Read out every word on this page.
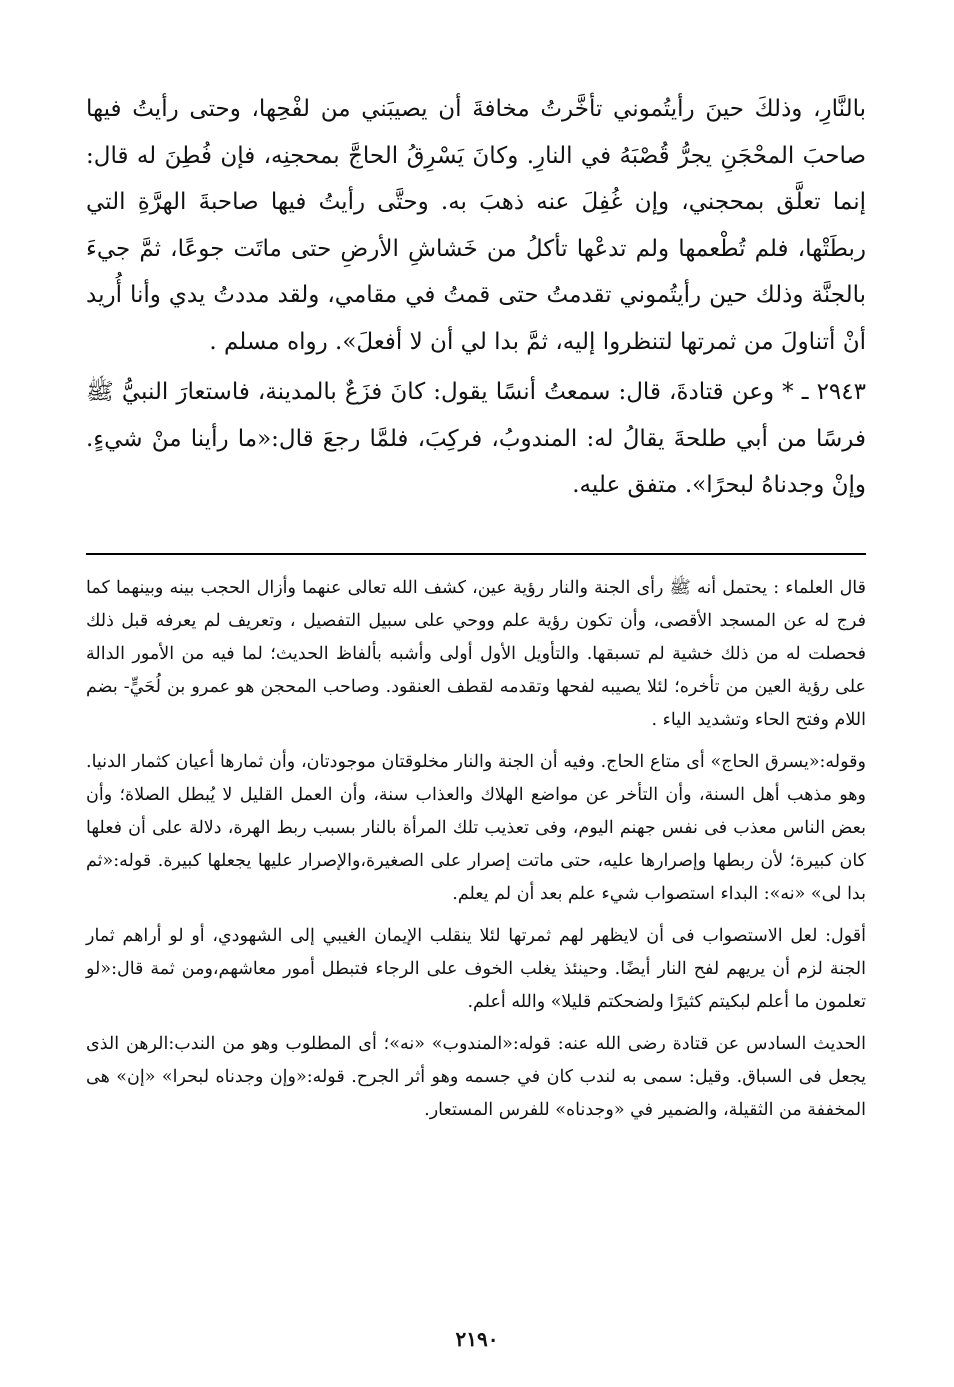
بالنَّارِ، وذلكَ حينَ رأيتُموني تأخَّرتُ مخافةَ أن يصيبَني من لفْحِها، وحتى رأيتُ فيها صاحبَ المحْجَنِ يجرُّ قُصْبَهُ في النارِ. وكانَ يَسْرِقُ الحاجَّ بمحجنِه، فإن فُطِنَ له قال: إنما تعلَّق بمحجني، وإن غُفِلَ عنه ذهبَ به. وحتَّى رأيتُ فيها صاحبةَ الهرَّةِ التي ربطَتْها، فلم تُطْعمها ولم تدعْها تأكلُ من خَشاشِ الأرضِ حتى ماتَت جوعًا، ثمَّ جيءَ بالجنَّة وذلك حين رأيتُموني تقدمتُ حتى قمتُ في مقامي، ولقد مددتُ يدي وأنا أُريد أنْ أتناولَ من ثمرتها لتنظروا إليه، ثمَّ بدا لي أن لا أفعلَ». رواه مسلم .

٢٩٤٣ ـ * وعن قتادةَ، قال: سمعتُ أنسًا يقول: كانَ فزَعٌ بالمدينة، فاستعارَ النبيُّ ﷺ فرسًا من أبي طلحةَ يقالُ له: المندوبُ، فركِبَ، فلمَّا رجعَ قال:«ما رأينا منْ شيءٍ. وإنْ وجدناهُ لبحرًا». متفق عليه.

قال العلماء : يحتمل أنه ﷺ رأى الجنة والنار رؤية عين، كشف الله تعالى عنهما وأزال الحجب بينه وبينهما كما فرج له عن المسجد الأقصى، وأن تكون رؤية علم ووحي على سبيل التفصيل ، وتعريف لم يعرفه قبل ذلك فحصلت له من ذلك خشية لم تسبقها. والتأويل الأول أولى وأشبه بألفاظ الحديث؛ لما فيه من الأمور الدالة على رؤية العين من تأخره؛ لئلا يصيبه لفحها وتقدمه لقطف العنقود. وصاحب المحجن هو عمرو بن لُحَيٍّ- بضم اللام وفتح الحاء وتشديد الياء .

وقوله:«يسرق الحاج» أى متاع الحاج. وفيه أن الجنة والنار مخلوقتان موجودتان، وأن ثمارها أعيان كثمار الدنيا. وهو مذهب أهل السنة، وأن التأخر عن مواضع الهلاك والعذاب سنة، وأن العمل القليل لا يُبطل الصلاة؛ وأن بعض الناس معذب فى نفس جهنم اليوم، وفى تعذيب تلك المرأة بالنار بسبب ربط الهرة، دلالة على أن فعلها كان كبيرة؛ لأن ربطها وإصرارها عليه، حتى ماتت إصرار على الصغيرة،والإصرار عليها يجعلها كبيرة. قوله:«ثم بدا لى» «نه»: البداء استصواب شيء علم بعد أن لم يعلم.

أقول: لعل الاستصواب فى أن لايظهر لهم ثمرتها لئلا ينقلب الإيمان الغيبي إلى الشهودي، أو لو أراهم ثمار الجنة لزم أن يريهم لفح النار أيضًا. وحينئذ يغلب الخوف على الرجاء فتبطل أمور معاشهم،ومن ثمة قال:«لو تعلمون ما أعلم لبكيتم كثيرًا ولضحكتم قليلا» والله أعلم.

الحديث السادس عن قتادة رضى الله عنه: قوله:«المندوب» «نه»؛ أى المطلوب وهو من الندب:الرهن الذى يجعل فى السباق. وقيل: سمى به لندب كان في جسمه وهو أثر الجرح. قوله:«وإن وجدناه لبحرا» «إن» هى المخففة من الثقيلة، والضمير في «وجدناه» للفرس المستعار.

٢١٩٠
